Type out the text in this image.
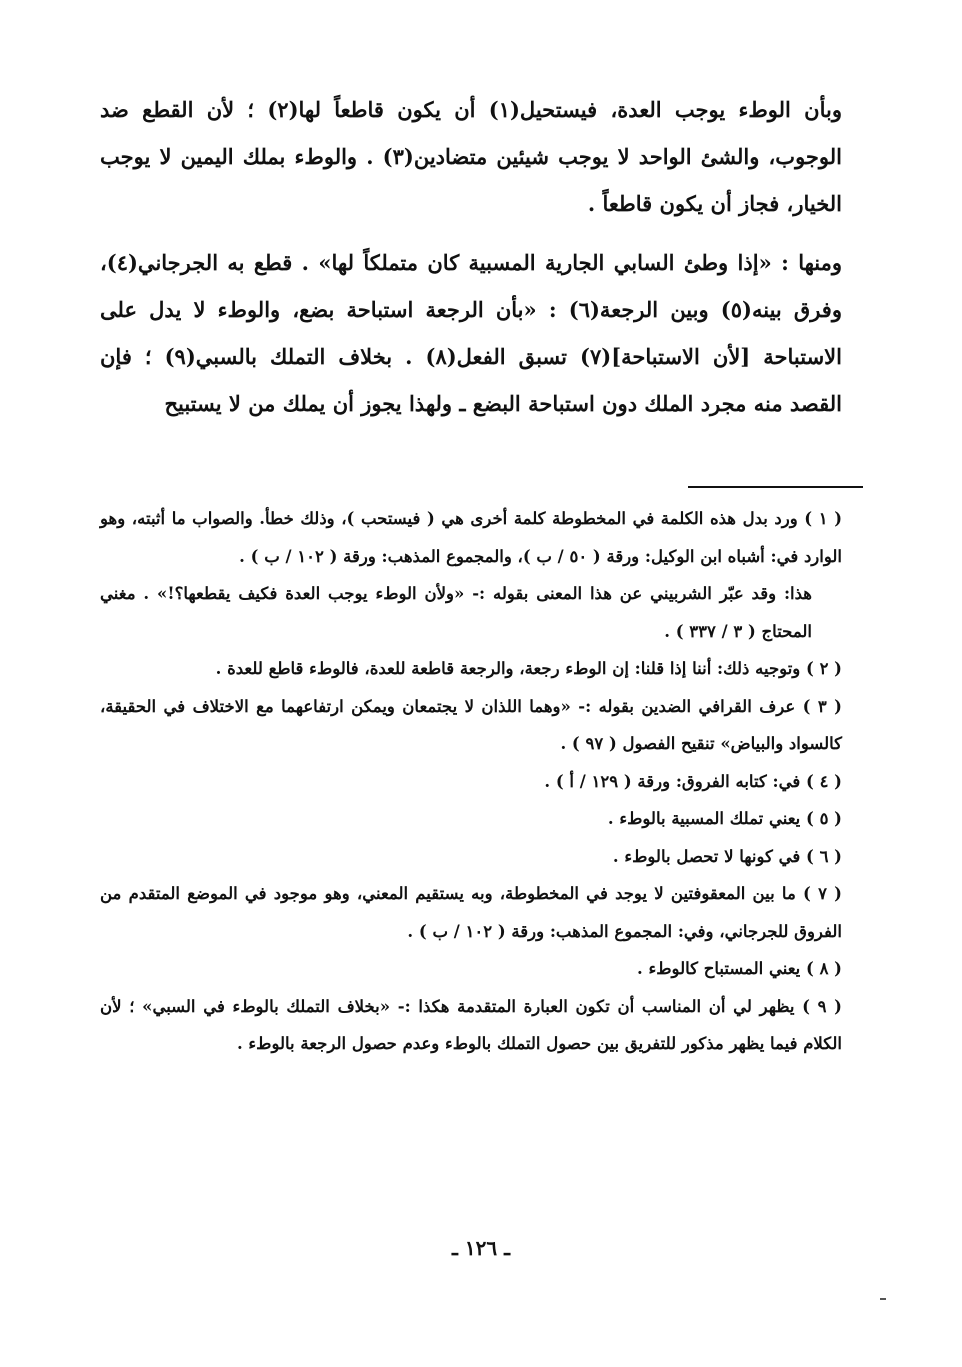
وبأن الوطء يوجب العدة، فيستحيل(١) أن يكون قاطعاً لها(٢) ؛ لأن القطع ضد الوجوب، والشئ الواحد لا يوجب شيئين متضادين(٣) . والوطء بملك اليمين لا يوجب الخيار، فجاز أن يكون قاطعاً .

ومنها : «إذا وطئ السابي الجارية المسبية كان متملكاً لها» . قطع به الجرجاني(٤)، وفرق بينه(٥) وبين الرجعة(٦) : «بأن الرجعة استباحة بضع، والوطء لا يدل على الاستباحة [لأن الاستباحة](٧) تسبق الفعل(٨) . بخلاف التملك بالسبي(٩) ؛ فإن القصد منه مجرد الملك دون استباحة البضع ـ ولهذا يجوز أن يملك من لا يستبيح

( ١ ) ورد بدل هذه الكلمة في المخطوطة كلمة أخرى هي ( فيستحب )، وذلك خطأ. والصواب ما أثبته، وهو الوارد في: أشباه ابن الوكيل: ورقة ( ٥٠ / ب )، والمجموع المذهب: ورقة ( ١٠٢ / ب ) .

هذا: وقد عبّر الشربيني عن هذا المعنى بقوله :- «ولأن الوطء يوجب العدة فكيف يقطعها؟!» . مغني المحتاج ( ٣ / ٣٣٧ ) .

( ٢ ) وتوجيه ذلك: أننا إذا قلنا: إن الوطء رجعة، والرجعة قاطعة للعدة، فالوطء قاطع للعدة .

( ٣ ) عرف القرافي الضدين بقوله :- «وهما اللذان لا يجتمعان ويمكن ارتفاعهما مع الاختلاف في الحقيقة، كالسواد والبياض» تنقيح الفصول ( ٩٧ ) .

( ٤ ) في: كتابه الفروق: ورقة ( ١٢٩ / أ ) .

( ٥ ) يعني تملك المسبية بالوطء .

( ٦ ) في كونها لا تحصل بالوطء .

( ٧ ) ما بين المعقوفتين لا يوجد في المخطوطة، وبه يستقيم المعني، وهو موجود في الموضع المتقدم من الفروق للجرجاني، وفي: المجموع المذهب: ورقة ( ١٠٢ / ب ) .

( ٨ ) يعني المستباح كالوطء .

( ٩ ) يظهر لي أن المناسب أن تكون العبارة المتقدمة هكذا :- «بخلاف التملك بالوطء في السبي» ؛ لأن الكلام فيما يظهر مذكور للتفريق بين حصول التملك بالوطء وعدم حصول الرجعة بالوطء .

ـ ١٢٦ ـ
